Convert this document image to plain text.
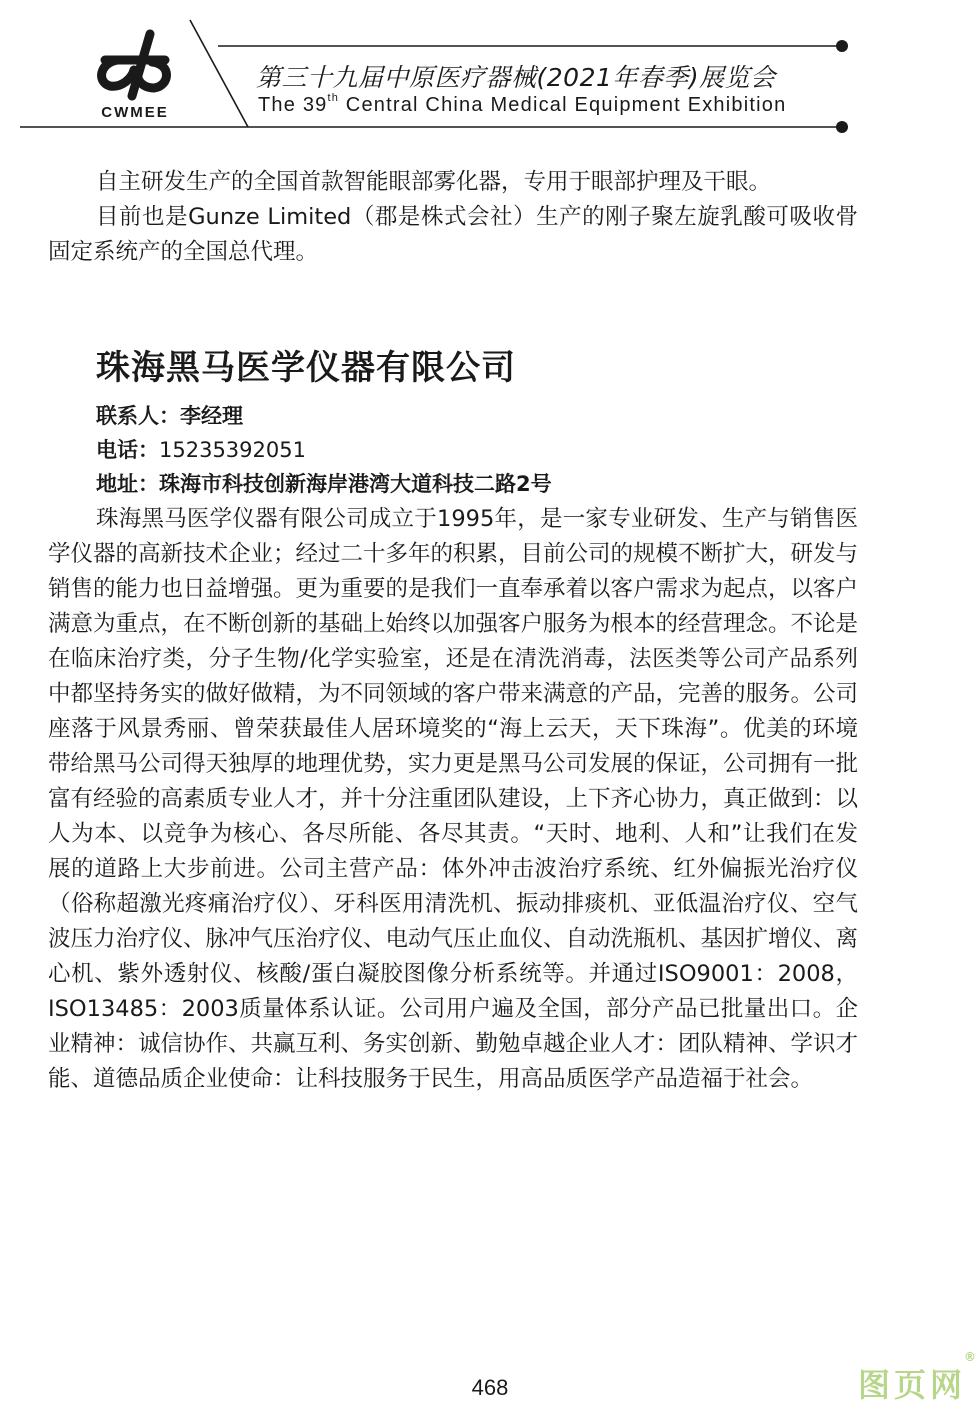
CWMEE
第三十九届中原医疗器械(2021年春季)展览会
The 39th Central China Medical Equipment Exhibition

自主研发生产的全国首款智能眼部雾化器，专用于眼部护理及干眼。

目前也是Gunze Limited（郡是株式会社）生产的刚子聚左旋乳酸可吸收骨固定系统产的全国总代理。

珠海黑马医学仪器有限公司
联系人：李经理
电话：15235392051
地址：珠海市科技创新海岸港湾大道科技二路2号

珠海黑马医学仪器有限公司成立于1995年，是一家专业研发、生产与销售医学仪器的高新技术企业；经过二十多年的积累，目前公司的规模不断扩大，研发与销售的能力也日益增强。更为重要的是我们一直奉承着以客户需求为起点，以客户满意为重点，在不断创新的基础上始终以加强客户服务为根本的经营理念。不论是在临床治疗类，分子生物/化学实验室，还是在清洗消毒，法医类等公司产品系列中都坚持务实的做好做精，为不同领域的客户带来满意的产品，完善的服务。公司座落于风景秀丽、曾荣获最佳人居环境奖的“海上云天，天下珠海”。优美的环境带给黑马公司得天独厚的地理优势，实力更是黑马公司发展的保证，公司拥有一批富有经验的高素质专业人才，并十分注重团队建设，上下齐心协力，真正做到：以人为本、以竞争为核心、各尽所能、各尽其责。“天时、地利、人和”让我们在发展的道路上大步前进。公司主营产品：体外冲击波治疗系统、红外偏振光治疗仪（俗称超激光疼痛治疗仪）、牙科医用清洗机、振动排痰机、亚低温治疗仪、空气波压力治疗仪、脉冲气压治疗仪、电动气压止血仪、自动洗瓶机、基因扩增仪、离心机、紫外透射仪、核酸/蛋白凝胶图像分析系统等。并通过ISO9001：2008，ISO13485：2003质量体系认证。公司用户遍及全国，部分产品已批量出口。企业精神：诚信协作、共赢互利、务实创新、勤勉卓越企业人才：团队精神、学识才能、道德品质企业使命：让科技服务于民生，用高品质医学产品造福于社会。

468	图页网
®
